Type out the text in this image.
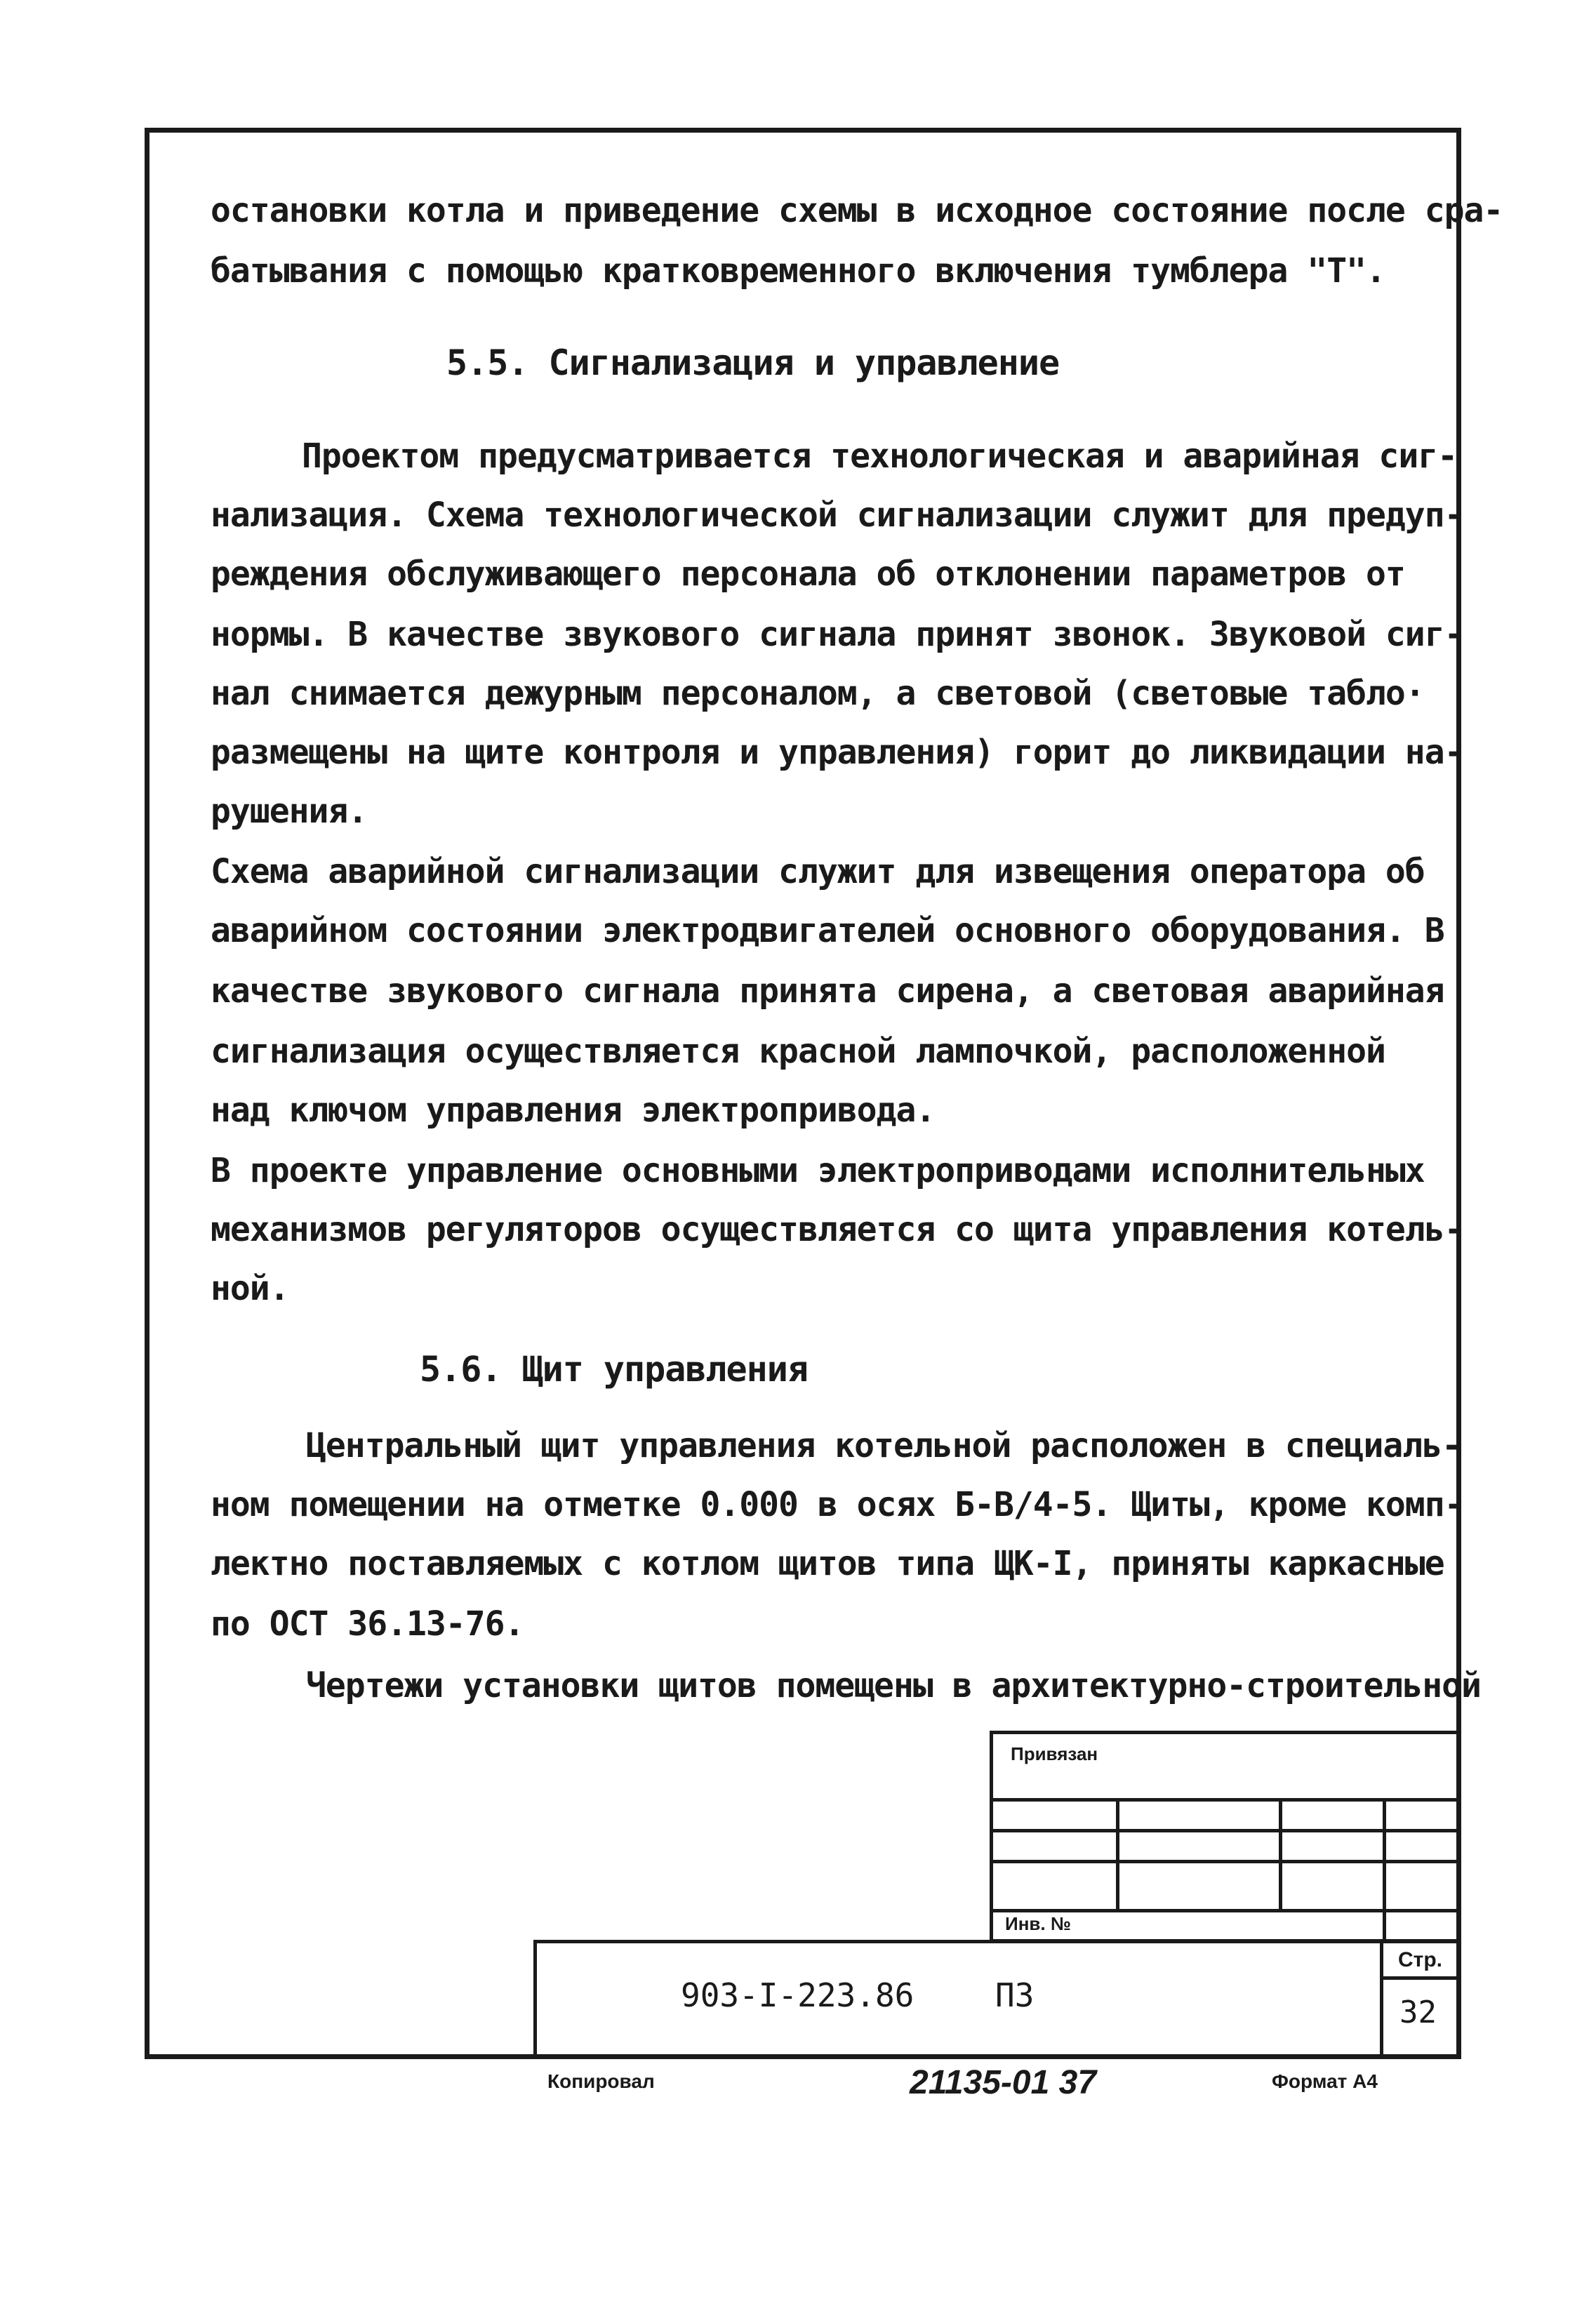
остановки котла и приведение схемы в исходное состояние после сра-
батывания с помощью кратковременного включения тумблера "Т".
5.5. Сигнализация и управление
Проектом предусматривается технологическая и аварийная сиг-
нализация. Схема технологической сигнализации служит для предуп-
реждения обслуживающего персонала об отклонении параметров от
нормы. В качестве звукового сигнала принят звонок. Звуковой сиг-
нал снимается дежурным персоналом, а световой (световые табло·
размещены на щите контроля и управления) горит до ликвидации на-
рушения.
Схема аварийной сигнализации служит для извещения оператора об
аварийном состоянии электродвигателей основного оборудования. В
качестве звукового сигнала принята сирена, а световая аварийная
сигнализация осуществляется красной лампочкой, расположенной
над ключом управления электропривода.
В проекте управление основными электроприводами исполнительных
механизмов регуляторов осуществляется со щита управления котель-
ной.
5.6. Щит управления
Центральный щит управления котельной расположен в специаль-
ном помещении на отметке 0.000 в осях Б-В/4-5. Щиты, кроме комп-
лектно поставляемых с котлом щитов типа ЩК-I, приняты каркасные
по ОСТ 36.13-76.
Чертежи установки щитов помещены в архитектурно-строительной
Привязан
Инв. №
903-I-223.86	ПЗ
Стр.
32
Копировал	21135-01 37	Формат А4
